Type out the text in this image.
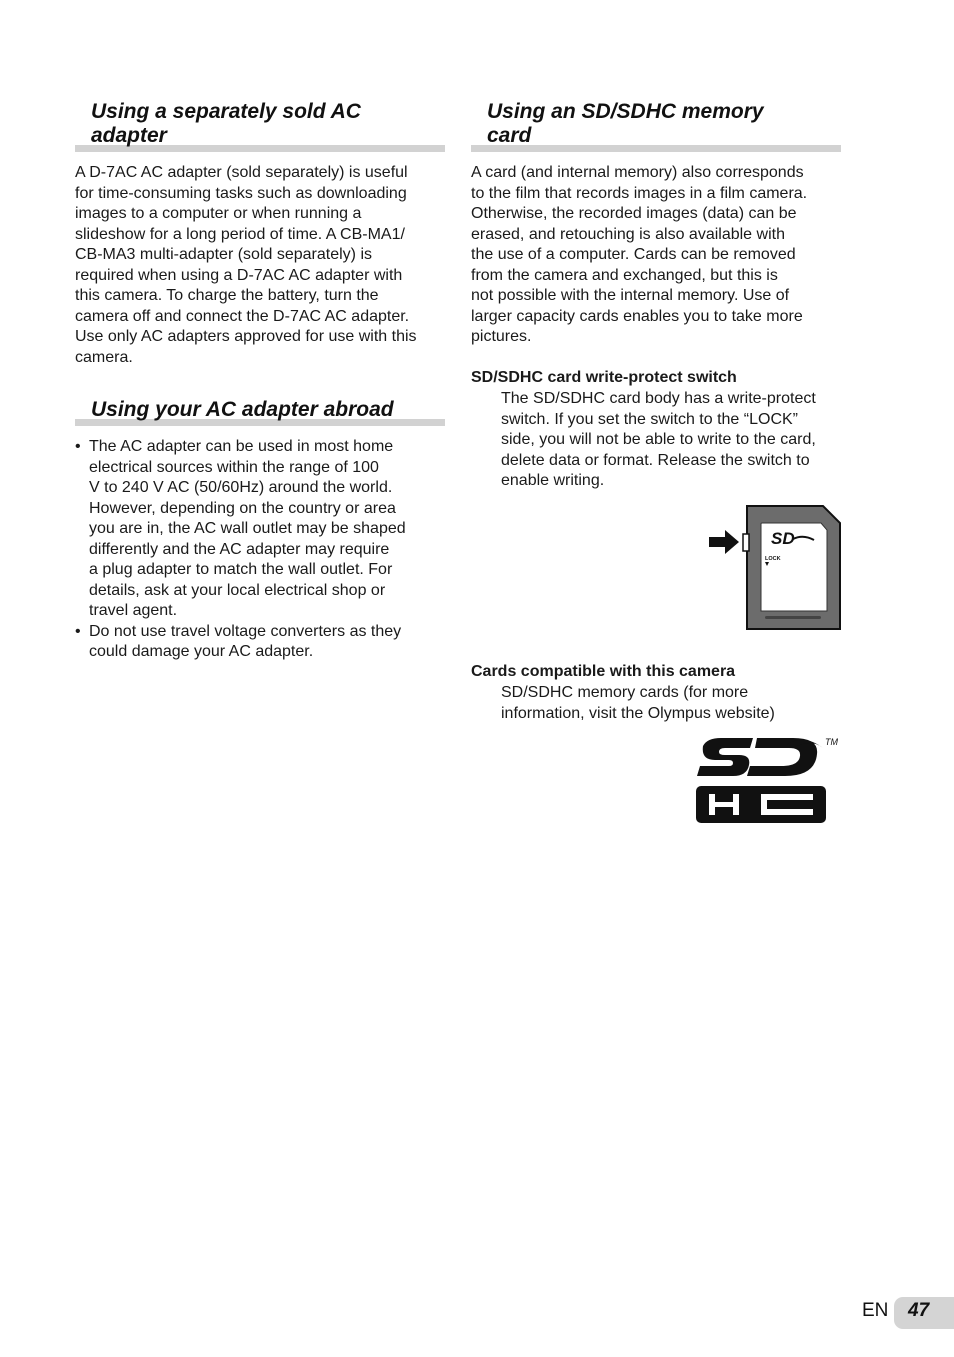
Using a separately sold AC
adapter
A D-7AC AC adapter (sold separately) is useful
for time-consuming tasks such as downloading
images to a computer or when running a
slideshow for a long period of time. A CB-MA1/
CB-MA3 multi-adapter (sold separately) is
required when using a D-7AC AC adapter with
this camera. To charge the battery, turn the
camera off and connect the D-7AC AC adapter.
Use only AC adapters approved for use with this
camera.
Using your AC adapter abroad
• The AC adapter can be used in most home
electrical sources within the range of 100
V to 240 V AC (50/60Hz) around the world.
However, depending on the country or area
you are in, the AC wall outlet may be shaped
differently and the AC adapter may require
a plug adapter to match the wall outlet. For
details, ask at your local electrical shop or
travel agent.
• Do not use travel voltage converters as they
could damage your AC adapter.
Using an SD/SDHC memory
card
A card (and internal memory) also corresponds
to the film that records images in a film camera.
Otherwise, the recorded images (data) can be
erased, and retouching is also available with
the use of a computer. Cards can be removed
from the camera and exchanged, but this is
not possible with the internal memory. Use of
larger capacity cards enables you to take more
pictures.
SD/SDHC card write-protect switch
The SD/SDHC card body has a write-protect
switch. If you set the switch to the “LOCK”
side, you will not be able to write to the card,
delete data or format. Release the switch to
enable writing.
SD
LOCK
Cards compatible with this camera
SD/SDHC memory cards (for more
information, visit the Olympus website)
TM
EN 47
